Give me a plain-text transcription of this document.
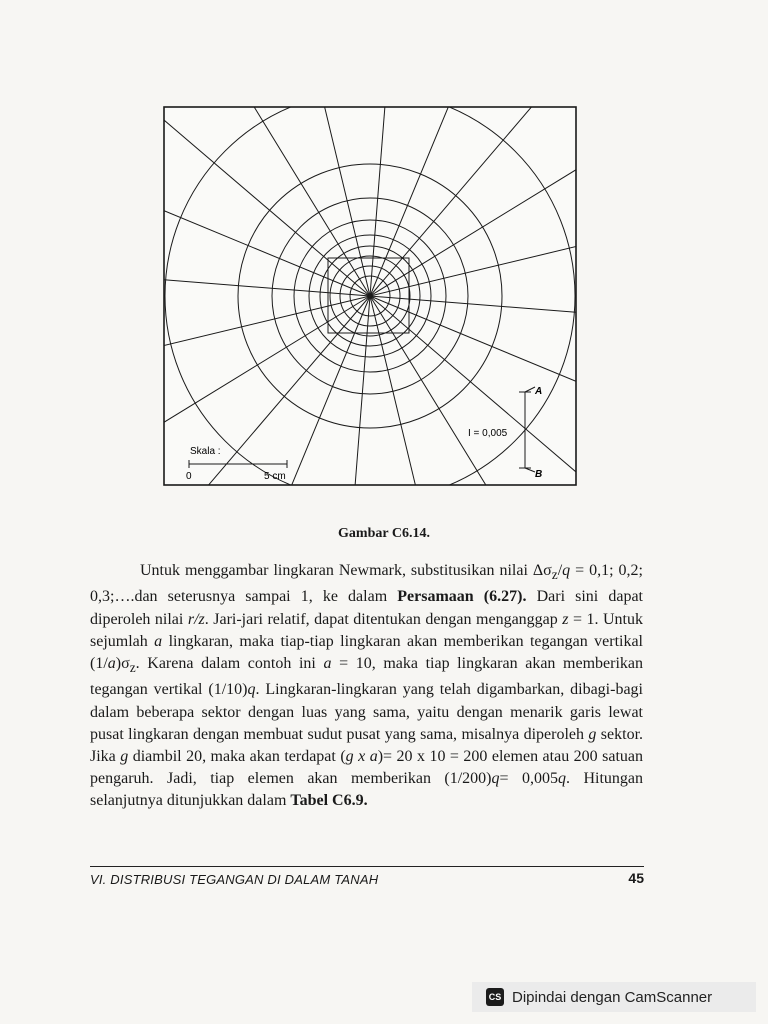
Skala :
0	5 cm
I = 0,005
A
B
Gambar C6.14.

Untuk menggambar lingkaran Newmark, substitusikan nilai $\Delta\sigma_z/q = 0,1$; 0,2; 0,3;….dan seterusnya sampai 1, ke dalam Persamaan (6.27). Dari sini dapat diperoleh nilai r/z. Jari-jari relatif, dapat ditentukan dengan menganggap z = 1. Untuk sejumlah a lingkaran, maka tiap-tiap lingkaran akan memberikan tegangan vertikal $(1/a)\sigma_z$. Karena dalam contoh ini a = 10, maka tiap lingkaran akan memberikan tegangan vertikal (1/10)q. Lingkaran-lingkaran yang telah digambarkan, dibagi-bagi dalam beberapa sektor dengan luas yang sama, yaitu dengan menarik garis lewat pusat lingkaran dengan membuat sudut pusat yang sama, misalnya diperoleh g sektor. Jika g diambil 20, maka akan terdapat (g x a)= 20 x 10 = 200 elemen atau 200 satuan pengaruh. Jadi, tiap elemen akan memberikan (1/200)q= 0,005q. Hitungan selanjutnya ditunjukkan dalam Tabel C6.9.

VI. DISTRIBUSI TEGANGAN DI DALAM TANAH	45
CS Dipindai dengan CamScanner
